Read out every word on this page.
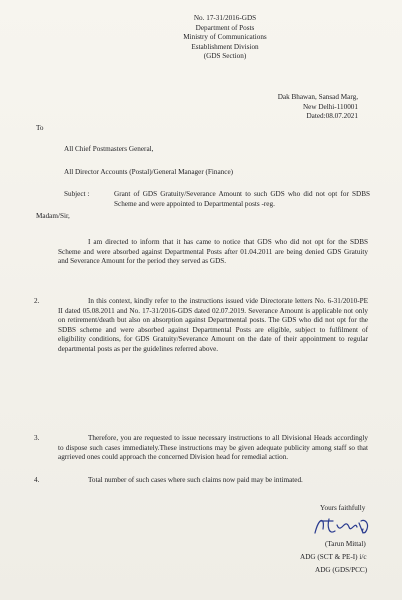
No. 17-31/2016-GDS
Department of Posts
Ministry of Communications
Establishment Division
(GDS Section)
Dak Bhawan, Sansad Marg,
New Delhi-110001
Dated:08.07.2021
To
All Chief Postmasters General,
All Director Accounts (Postal)/General Manager (Finance)
Subject :	Grant of GDS Gratuity/Severance Amount to such GDS who did not opt for SDBS Scheme and were appointed to Departmental posts -reg.
Madam/Sir,
I am directed to inform that it has came to notice that GDS who did not opt for the SDBS Scheme and were absorbed against Departmental Posts after 01.04.2011 are being denied GDS Gratuity and Severance Amount for the period they served as GDS.
2.	In this context, kindly refer to the instructions issued vide Directorate letters No. 6-31/2010-PE II dated 05.08.2011 and No. 17-31/2016-GDS dated 02.07.2019. Severance Amount is applicable not only on retirement/death but also on absorption against Departmental posts. The GDS who did not opt for the SDBS scheme and were absorbed against Departmental Posts are eligible, subject to fulfilment of eligibility conditions, for GDS Gratuity/Severance Amount on the date of their appointment to regular departmental posts as per the guidelines referred above.
3.	Therefore, you are requested to issue necessary instructions to all Divisional Heads accordingly to dispose such cases immediately.These instructions may be given adequate publicity among staff so that agrrieved ones could approach the concerned Division head for remedial action.
4.	Total number of such cases where such claims now paid may be intimated.
Yours faithfully
(Tarun Mittal)
ADG (SCT & PE-I) i/c
ADG (GDS/PCC)
